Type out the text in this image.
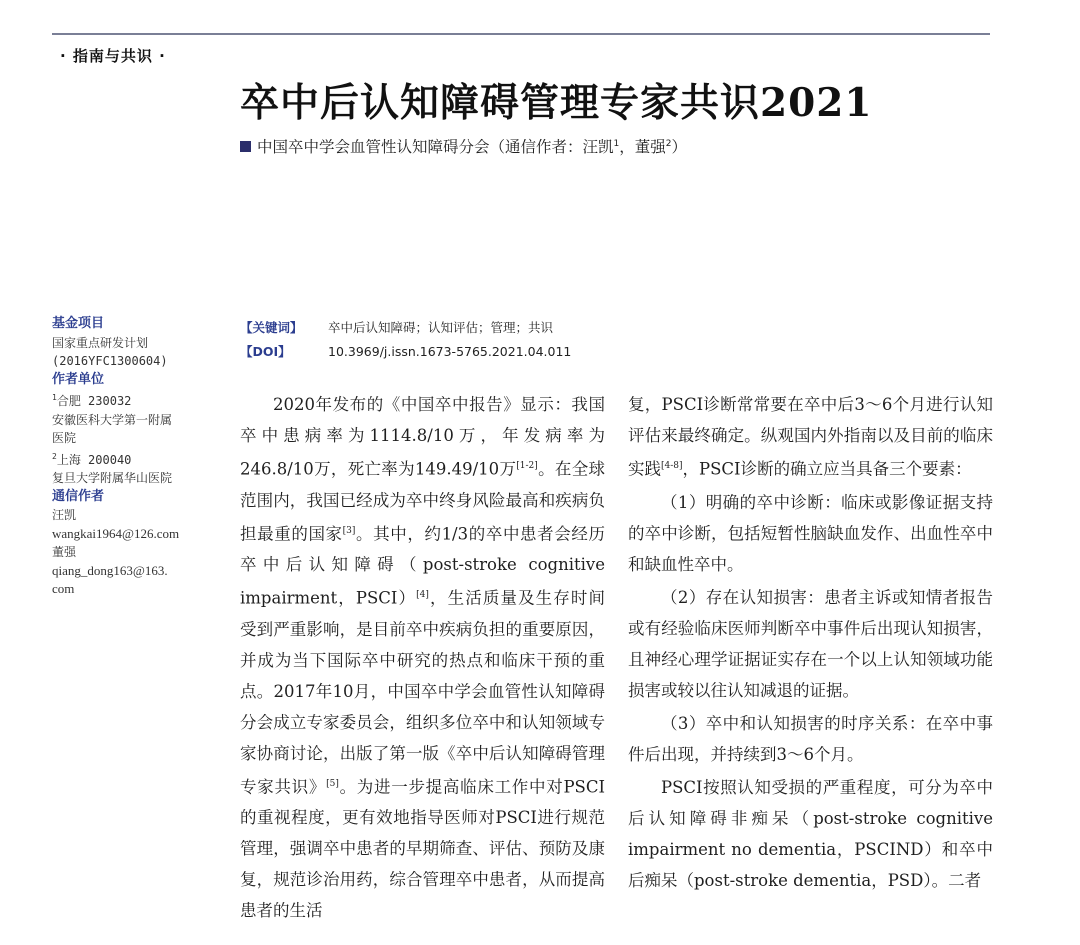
· 指南与共识 ·
卒中后认知障碍管理专家共识2021
中国卒中学会血管性认知障碍分会（通信作者：汪凯$^1$，董强$^2$）
基金项目
国家重点研发计划
(2016YFC1300604)
作者单位
$^1$合肥 230032
安徽医科大学第一附属
医院
$^2$上海 200040
复旦大学附属华山医院
通信作者
汪凯
wangkai1964@126.com
董强
qiang_dong163@163.
com
【关键词】 卒中后认知障碍；认知评估；管理；共识
【DOI】	10.3969/j.issn.1673-5765.2021.04.011

2020年发布的《中国卒中报告》显示：我国卒中患病率为1114.8/10万，年发病率为246.8/10万，死亡率为149.49/10万[1-2]。在全球范围内，我国已经成为卒中终身风险最高和疾病负担最重的国家[3]。其中，约1/3的卒中患者会经历卒中后认知障碍（post-stroke cognitive impairment，PSCI）[4]，生活质量及生存时间受到严重影响，是目前卒中疾病负担的重要原因，并成为当下国际卒中研究的热点和临床干预的重点。2017年10月，中国卒中学会血管性认知障碍分会成立专家委员会，组织多位卒中和认知领域专家协商讨论，出版了第一版《卒中后认知障碍管理专家共识》[5]。为进一步提高临床工作中对PSCI的重视程度，更有效地指导医师对PSCI进行规范管理，强调卒中患者的早期筛查、评估、预防及康复，规范诊治用药，综合管理卒中患者，从而提高患者的生活

复，PSCI诊断常常要在卒中后3～6个月进行认知评估来最终确定。纵观国内外指南以及目前的临床实践[4-8]，PSCI诊断的确立应当具备三个要素：

（1）明确的卒中诊断：临床或影像证据支持的卒中诊断，包括短暂性脑缺血发作、出血性卒中和缺血性卒中。

（2）存在认知损害：患者主诉或知情者报告或有经验临床医师判断卒中事件后出现认知损害，且神经心理学证据证实存在一个以上认知领域功能损害或较以往认知减退的证据。

（3）卒中和认知损害的时序关系：在卒中事件后出现，并持续到3～6个月。

PSCI按照认知受损的严重程度，可分为卒中后认知障碍非痴呆（post-stroke cognitive impairment no dementia，PSCIND）和卒中后痴呆（post-stroke dementia，PSD）。二者
